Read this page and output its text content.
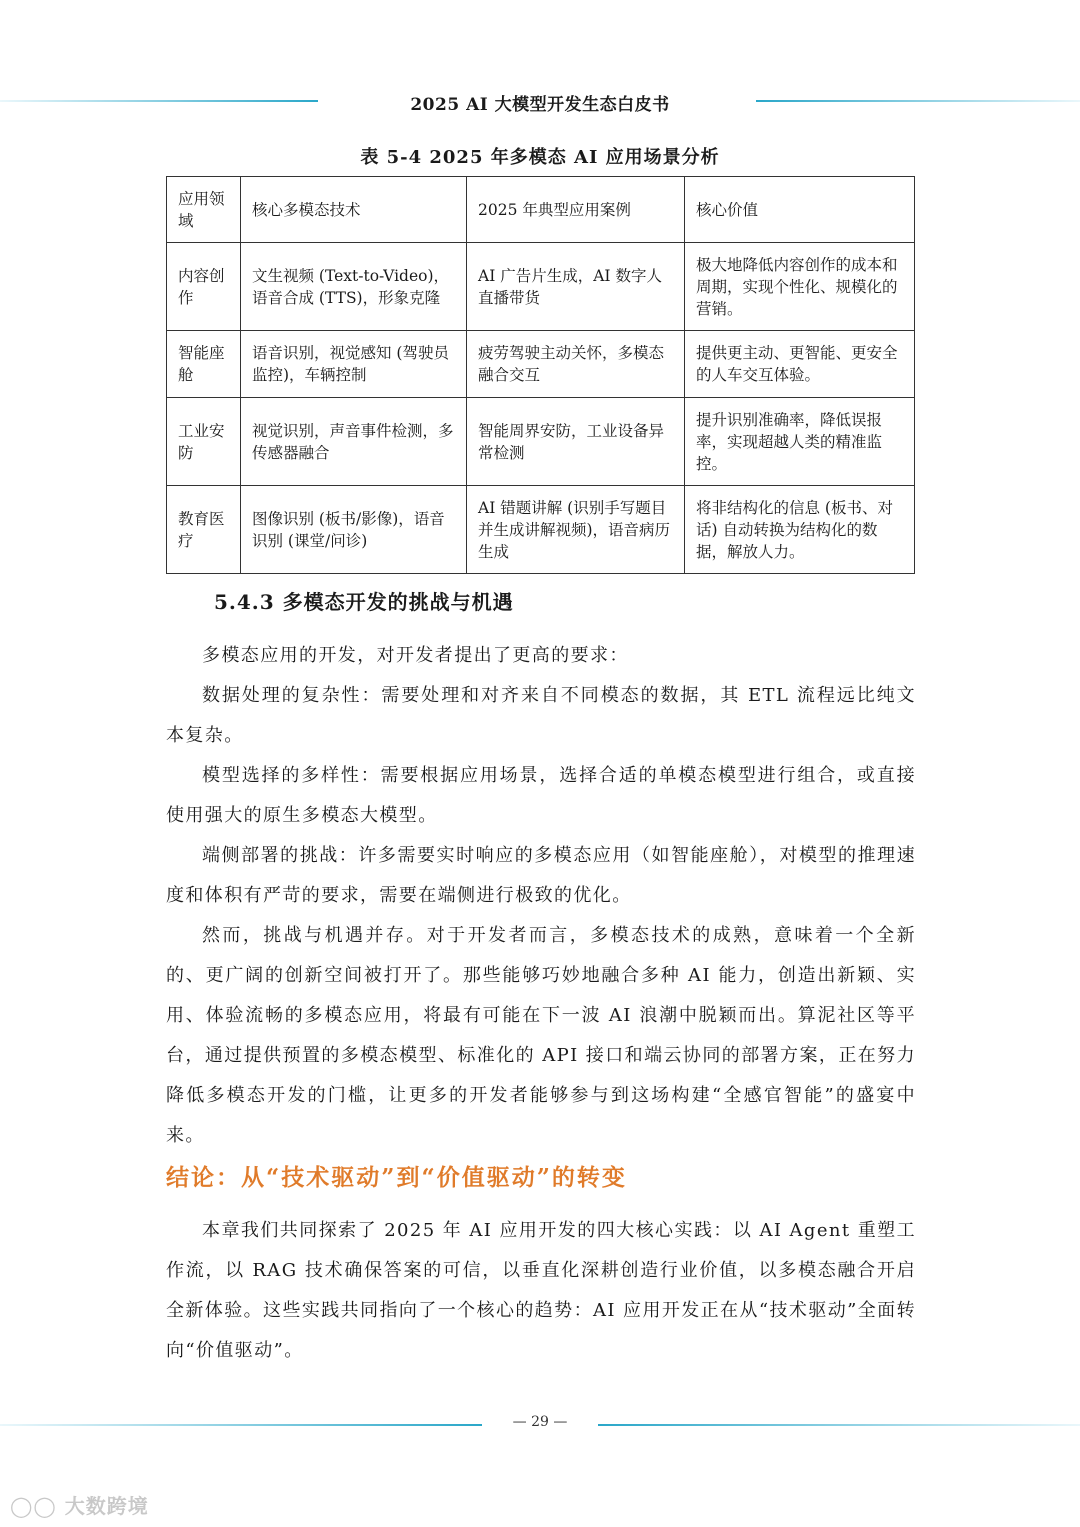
2025 AI 大模型开发生态白皮书
表 5-4 2025 年多模态 AI 应用场景分析
应用领域	核心多模态技术	2025 年典型应用案例	核心价值
内容创作	文生视频 (Text-to-Video)，语音合成 (TTS)，形象克隆	AI 广告片生成，AI 数字人直播带货	极大地降低内容创作的成本和周期，实现个性化、规模化的营销。
智能座舱	语音识别，视觉感知 (驾驶员监控)，车辆控制	疲劳驾驶主动关怀，多模态融合交互	提供更主动、更智能、更安全的人车交互体验。
工业安防	视觉识别，声音事件检测，多传感器融合	智能周界安防，工业设备异常检测	提升识别准确率，降低误报率，实现超越人类的精准监控。
教育医疗	图像识别 (板书/影像)，语音识别 (课堂/问诊)	AI 错题讲解 (识别手写题目并生成讲解视频)，语音病历生成	将非结构化的信息 (板书、对话) 自动转换为结构化的数据，解放人力。
5.4.3 多模态开发的挑战与机遇

多模态应用的开发，对开发者提出了更高的要求：

数据处理的复杂性：需要处理和对齐来自不同模态的数据，其 ETL 流程远比纯文本复杂。

模型选择的多样性：需要根据应用场景，选择合适的单模态模型进行组合，或直接使用强大的原生多模态大模型。

端侧部署的挑战：许多需要实时响应的多模态应用（如智能座舱），对模型的推理速度和体积有严苛的要求，需要在端侧进行极致的优化。

然而，挑战与机遇并存。对于开发者而言，多模态技术的成熟，意味着一个全新的、更广阔的创新空间被打开了。那些能够巧妙地融合多种 AI 能力，创造出新颖、实用、体验流畅的多模态应用，将最有可能在下一波 AI 浪潮中脱颖而出。算泥社区等平台，通过提供预置的多模态模型、标准化的 API 接口和端云协同的部署方案，正在努力降低多模态开发的门槛，让更多的开发者能够参与到这场构建“全感官智能”的盛宴中来。

结论：从“技术驱动”到“价值驱动”的转变

本章我们共同探索了 2025 年 AI 应用开发的四大核心实践：以 AI Agent 重塑工作流，以 RAG 技术确保答案的可信，以垂直化深耕创造行业价值，以多模态融合开启全新体验。这些实践共同指向了一个核心的趋势：AI 应用开发正在从“技术驱动”全面转向“价值驱动”。

— 29 —
◯◯ 大数跨境
